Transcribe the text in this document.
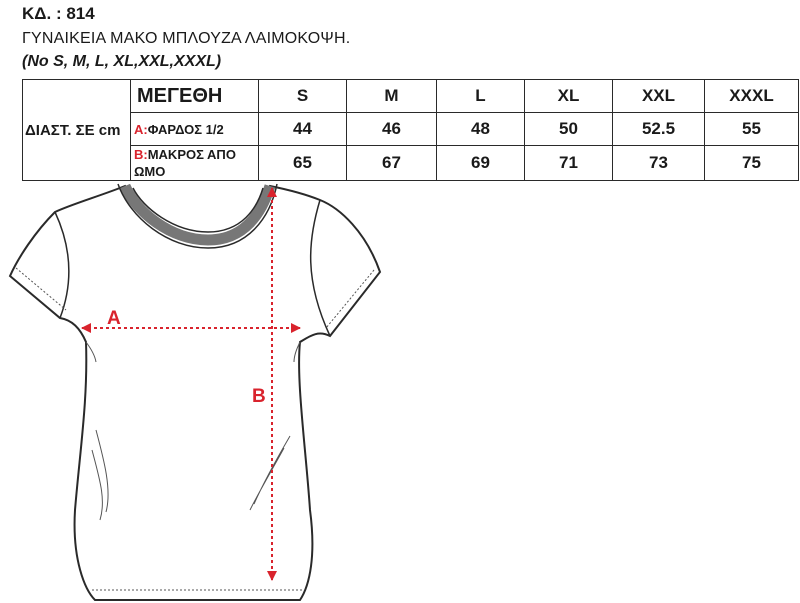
ΚΔ. : 814
ΓΥΝΑΙΚΕΙΑ ΜΑΚΟ ΜΠΛΟΥΖΑ ΛΑΙΜΟΚΟΨΗ.
(No S, M, L, XL,XXL,XXXL)
ΔΙΑΣΤ. ΣΕ cm	ΜΕΓΕΘΗ	S	M	L	XL	XXL	XXXL
	A:ΦΑΡΔΟΣ 1/2	44	46	48	50	52.5	55
	B:ΜΑΚΡΟΣ ΑΠΟ ΩΜΟ	65	67	69	71	73	75
A
B
